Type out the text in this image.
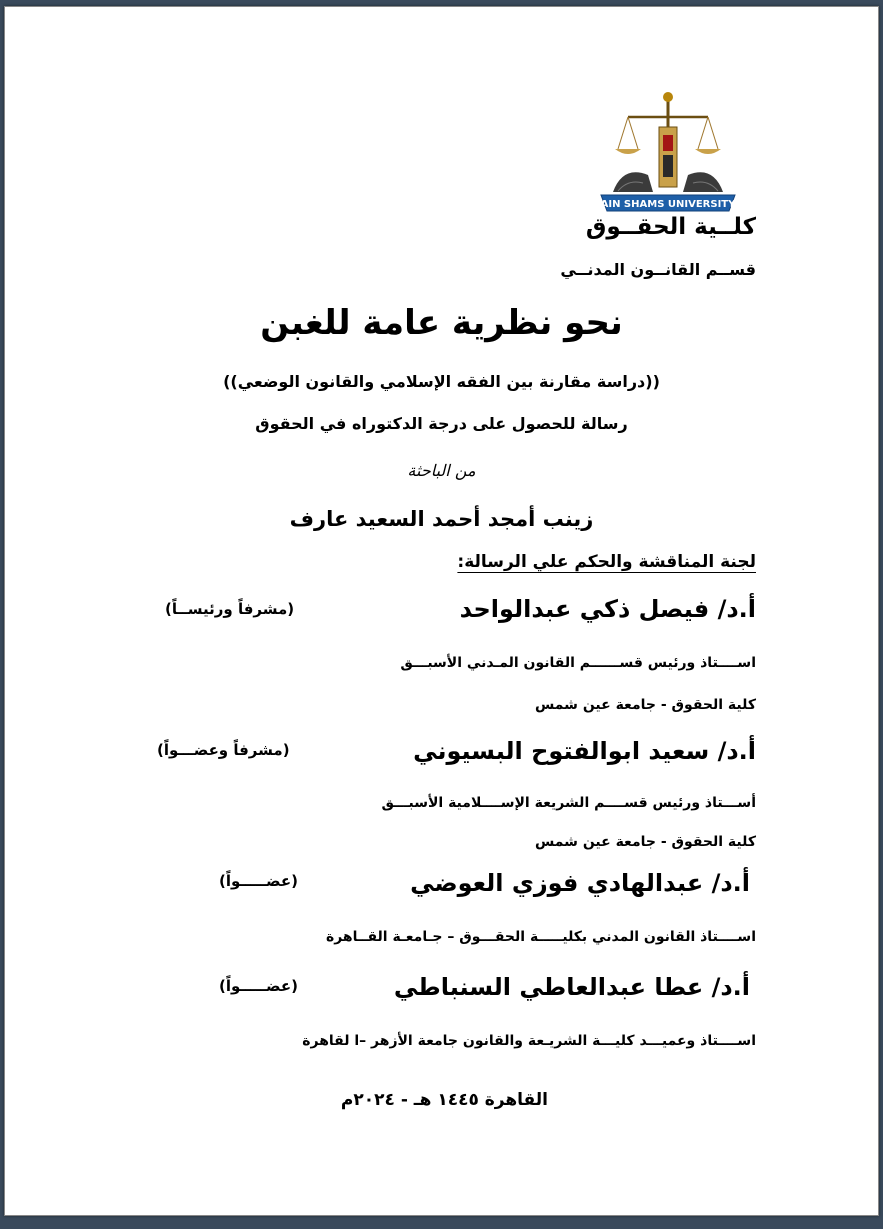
AIN SHAMS UNIVERSITY
كلــية الحقــوق
قســم القانــون المدنــي
نحو نظرية عامة للغبن
((دراسة مقارنة بين الفقه الإسلامي والقانون الوضعي))
رسالة للحصول على درجة الدكتوراه في الحقوق
من الباحثة
زينب أمجد أحمد السعيد عارف
لجنة المناقشة والحكم علي الرسالة:
أ.د/ فيصل ذكي عبدالواحد
(مشرفاً ورئيســاً)
اســــتاذ ورئيس قســــــم القانون المـدني الأسبـــق
كلية الحقوق - جامعة عين شمس
أ.د/ سعيد ابوالفتوح البسيوني
(مشرفاً وعضـــواً)
أســـتاذ ورئيس قســــم الشريعة الإســــلامية الأسبـــق
كلية الحقوق - جامعة عين شمس
أ.د/ عبدالهادي فوزي العوضي
(عضـــــواً)
اســــتاذ القانون المدني بكليـــــة الحقـــوق – جـامعـة القــاهرة
أ.د/ عطا عبدالعاطي السنباطي
(عضـــــواً)
اســــتاذ وعميـــد كليـــة الشريـعة والقانون جامعة الأزهر –ا لقاهرة
القاهرة ١٤٤٥ هـ - ٢٠٢٤م
